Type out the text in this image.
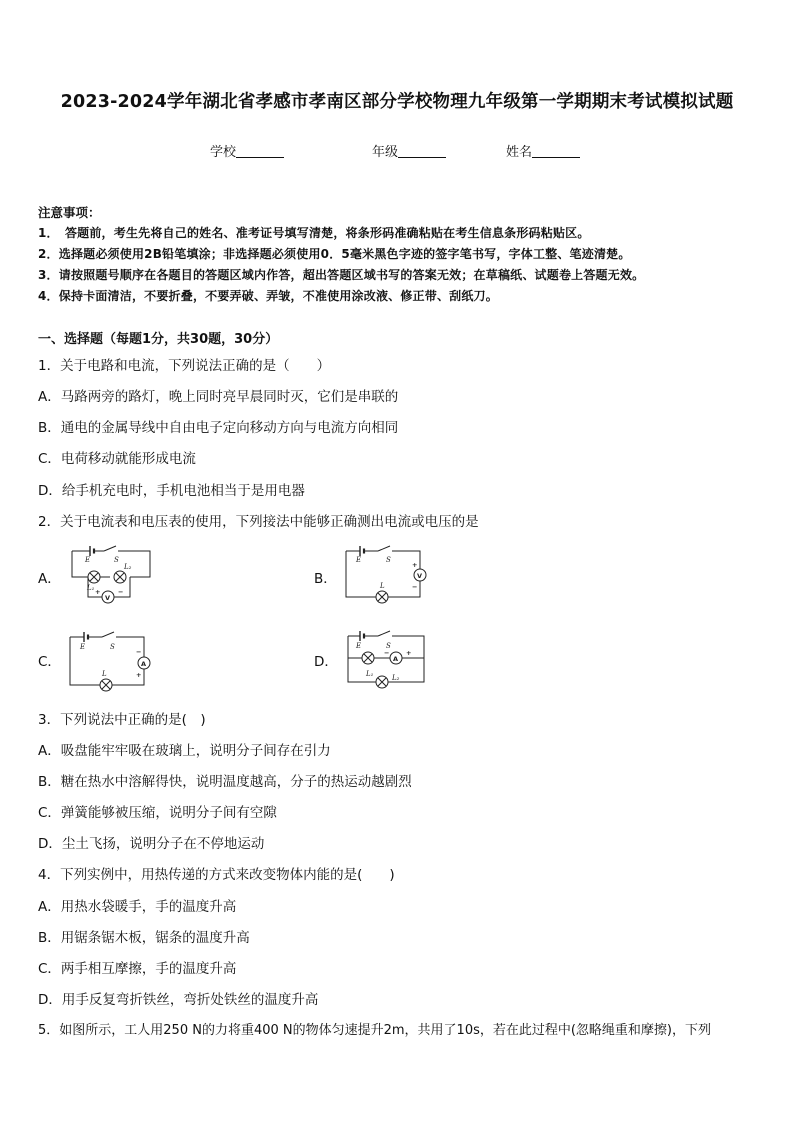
2023-2024学年湖北省孝感市孝南区部分学校物理九年级第一学期期末考试模拟试题
学校	年级	姓名
注意事项：
1．　答题前，考生先将自己的姓名、准考证号填写清楚，将条形码准确粘贴在考生信息条形码粘贴区。
2．选择题必须使用2B铅笔填涂；非选择题必须使用0．5毫米黑色字迹的签字笔书写，字体工整、笔迹清楚。
3．请按照题号顺序在各题目的答题区域内作答，超出答题区域书写的答案无效；在草稿纸、试题卷上答题无效。
4．保持卡面清洁，不要折叠，不要弄破、弄皱，不准使用涂改液、修正带、刮纸刀。
一、选择题（每题1分，共30题，30分）
1．关于电路和电流，下列说法正确的是（　　）
A．马路两旁的路灯，晚上同时亮早晨同时灭，它们是串联的
B．通电的金属导线中自由电子定向移动方向与电流方向相同
C．电荷移动就能形成电流
D．给手机充电时，手机电池相当于是用电器
2．关于电流表和电压表的使用，下列接法中能够正确测出电流或电压的是
A．	B．
C．	D．
E	S
L₂
L₁
V
+	−
E	S
L
V
+
−
E	S
L
A
−
+
E	S
L₁	L₂
A
−	+
3．下列说法中正确的是(　)
A．吸盘能牢牢吸在玻璃上，说明分子间存在引力
B．糖在热水中溶解得快，说明温度越高，分子的热运动越剧烈
C．弹簧能够被压缩，说明分子间有空隙
D．尘土飞扬，说明分子在不停地运动
4．下列实例中，用热传递的方式来改变物体内能的是(　　)
A．用热水袋暖手，手的温度升高
B．用锯条锯木板，锯条的温度升高
C．两手相互摩擦，手的温度升高
D．用手反复弯折铁丝，弯折处铁丝的温度升高
5．如图所示，工人用250 N的力将重400 N的物体匀速提升2m，共用了10s，若在此过程中(忽略绳重和摩擦)，下列
